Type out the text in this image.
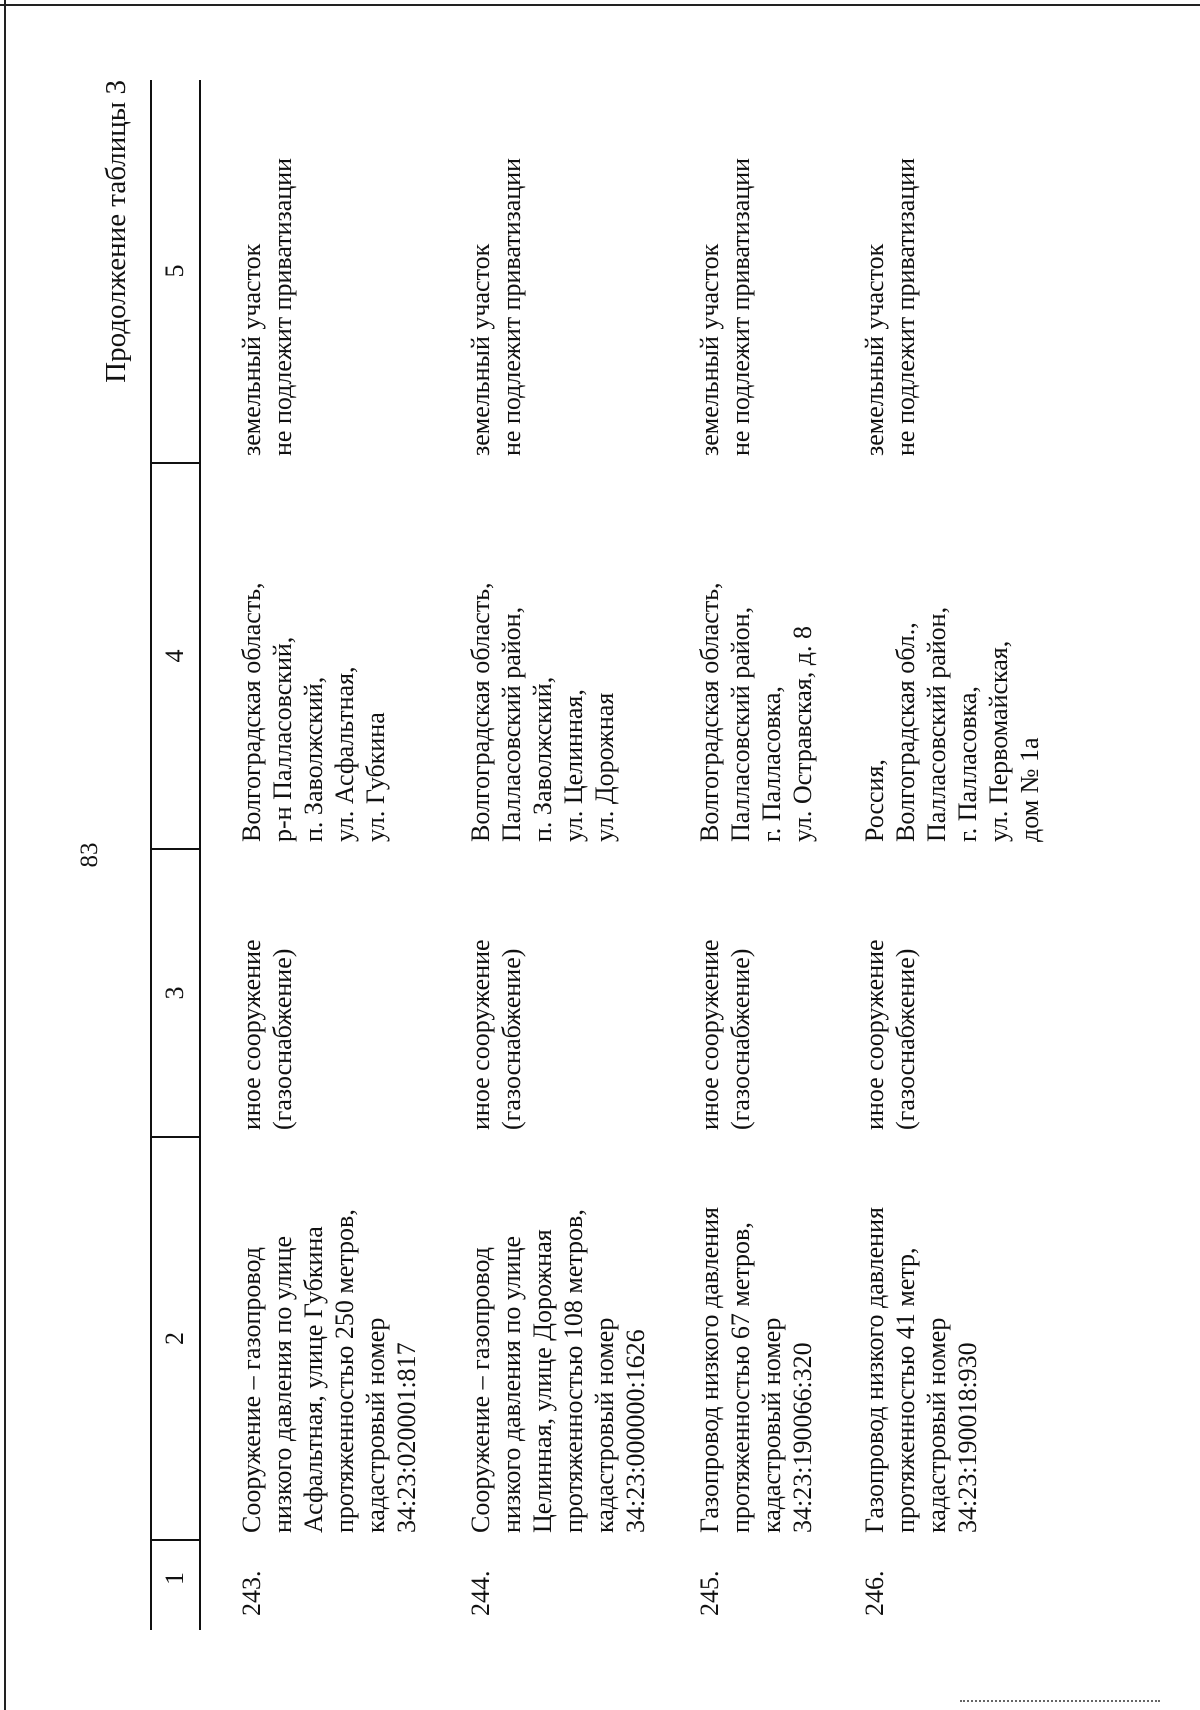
83
Продолжение таблицы 3
1
2
3
4
5
243.
Сооружение – газопровод низкого давления по улице Асфальтная, улице Губкина протяженностью 250 метров, кадастровый номер 34:23:020001:817
иное сооружение (газоснабжение)
Волгоградская область, р-н Палласовский, п. Заволжский, ул. Асфальтная, ул. Губкина
земельный участок не подлежит приватизации
244.
Сооружение – газопровод низкого давления по улице Целинная, улице Дорожная протяженностью 108 метров, кадастровый номер 34:23:000000:1626
иное сооружение (газоснабжение)
Волгоградская область, Палласовский район, п. Заволжский, ул. Целинная, ул. Дорожная
земельный участок не подлежит приватизации
245.
Газопровод низкого давления протяженностью 67 метров, кадастровый номер 34:23:190066:320
иное сооружение (газоснабжение)
Волгоградская область, Палласовский район, г. Палласовка, ул. Остравская, д. 8
земельный участок не подлежит приватизации
246.
Газопровод низкого давления протяженностью 41 метр, кадастровый номер 34:23:190018:930
иное сооружение (газоснабжение)
Россия, Волгоградская обл., Палласовский район, г. Палласовка, ул. Первомайская, дом № 1а
земельный участок не подлежит приватизации
